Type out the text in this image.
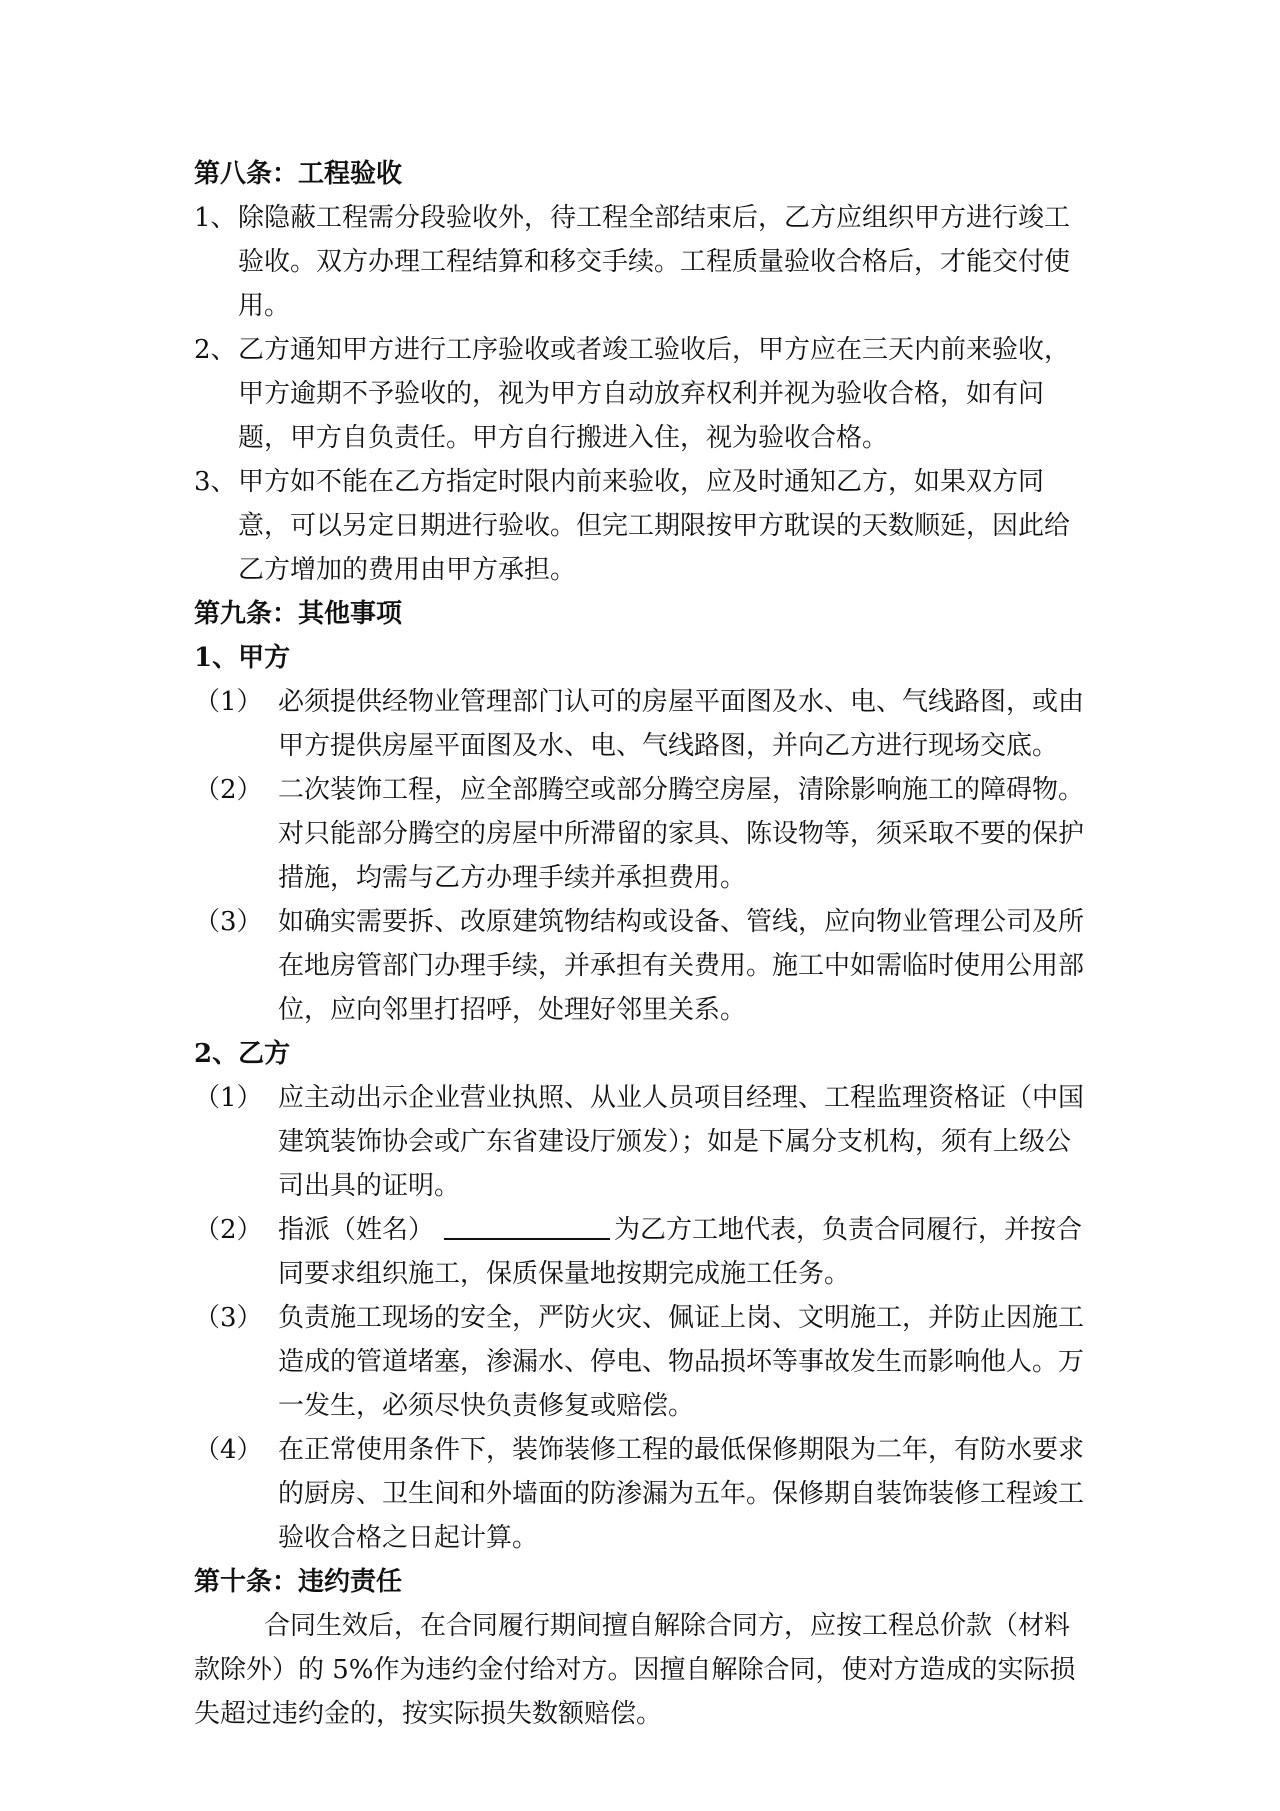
第八条：工程验收
1、 除隐蔽工程需分段验收外，待工程全部结束后，乙方应组织甲方进行竣工验收。双方办理工程结算和移交手续。工程质量验收合格后，才能交付使用。
2、 乙方通知甲方进行工序验收或者竣工验收后，甲方应在三天内前来验收，甲方逾期不予验收的，视为甲方自动放弃权利并视为验收合格，如有问题，甲方自负责任。甲方自行搬进入住，视为验收合格。
3、 甲方如不能在乙方指定时限内前来验收，应及时通知乙方，如果双方同意，可以另定日期进行验收。但完工期限按甲方耽误的天数顺延，因此给乙方增加的费用由甲方承担。
第九条：其他事项
1、甲方
（1） 必须提供经物业管理部门认可的房屋平面图及水、电、气线路图，或由甲方提供房屋平面图及水、电、气线路图，并向乙方进行现场交底。
（2） 二次装饰工程，应全部腾空或部分腾空房屋，清除影响施工的障碍物。对只能部分腾空的房屋中所滞留的家具、陈设物等，须采取不要的保护措施，均需与乙方办理手续并承担费用。
（3） 如确实需要拆、改原建筑物结构或设备、管线，应向物业管理公司及所在地房管部门办理手续，并承担有关费用。施工中如需临时使用公用部位，应向邻里打招呼，处理好邻里关系。
2、乙方
（1） 应主动出示企业营业执照、从业人员项目经理、工程监理资格证（中国建筑装饰协会或广东省建设厅颁发）；如是下属分支机构，须有上级公司出具的证明。
（2） 指派（姓名）	为乙方工地代表，负责合同履行，并按合同要求组织施工，保质保量地按期完成施工任务。
（3） 负责施工现场的安全，严防火灾、佩证上岗、文明施工，并防止因施工造成的管道堵塞，渗漏水、停电、物品损坏等事故发生而影响他人。万一发生，必须尽快负责修复或赔偿。
（4） 在正常使用条件下，装饰装修工程的最低保修期限为二年，有防水要求的厨房、卫生间和外墙面的防渗漏为五年。保修期自装饰装修工程竣工验收合格之日起计算。
第十条：违约责任
合同生效后，在合同履行期间擅自解除合同方，应按工程总价款（材料款除外）的 5%作为违约金付给对方。因擅自解除合同，使对方造成的实际损失超过违约金的，按实际损失数额赔偿。
